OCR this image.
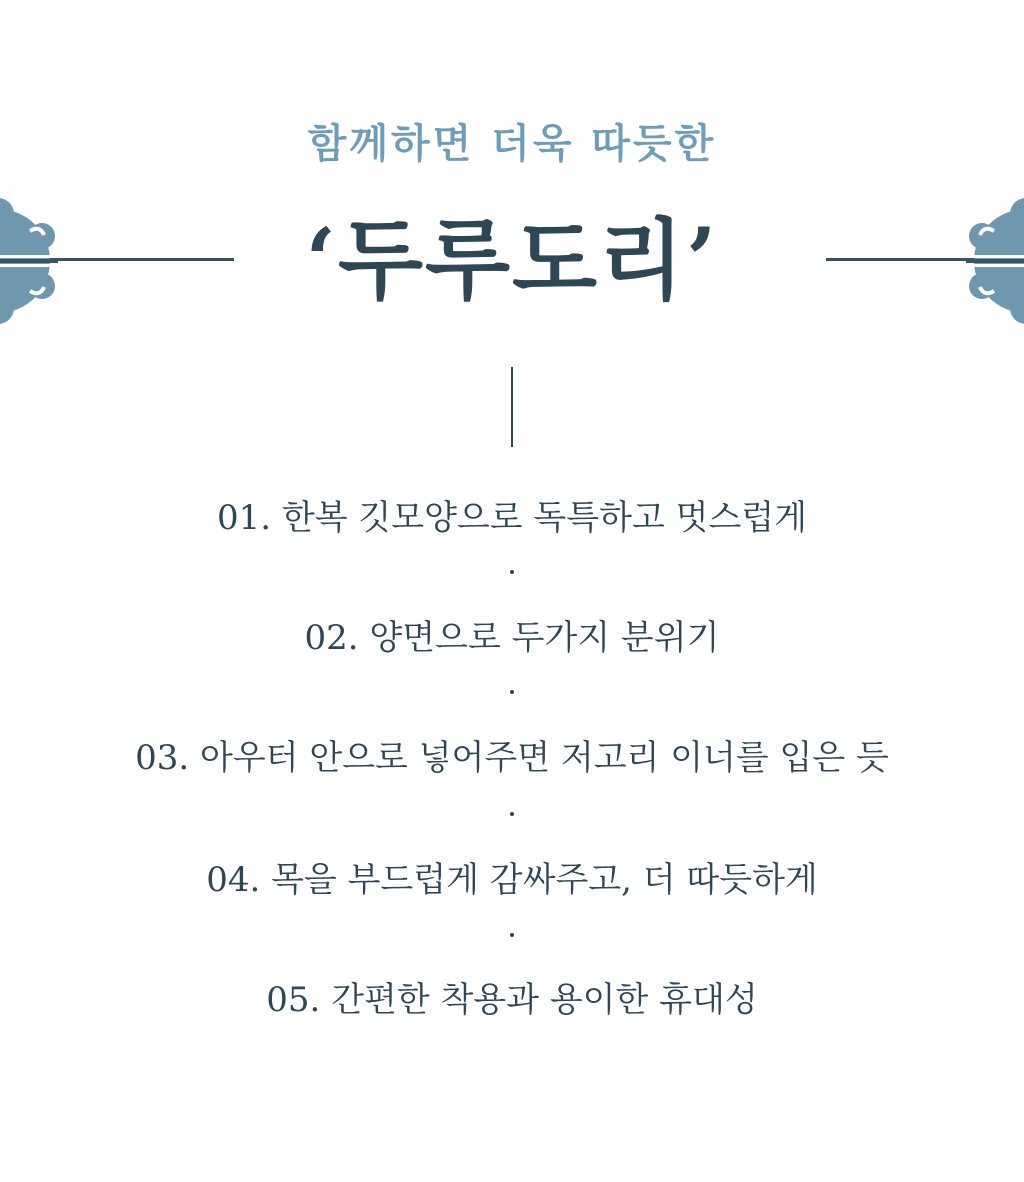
함께하면 더욱 따듯한
‘두루도리’
01. 한복 깃모양으로 독특하고 멋스럽게
02. 양면으로 두가지 분위기
03. 아우터 안으로 넣어주면 저고리 이너를 입은 듯
04. 목을 부드럽게 감싸주고, 더 따듯하게
05. 간편한 착용과 용이한 휴대성
